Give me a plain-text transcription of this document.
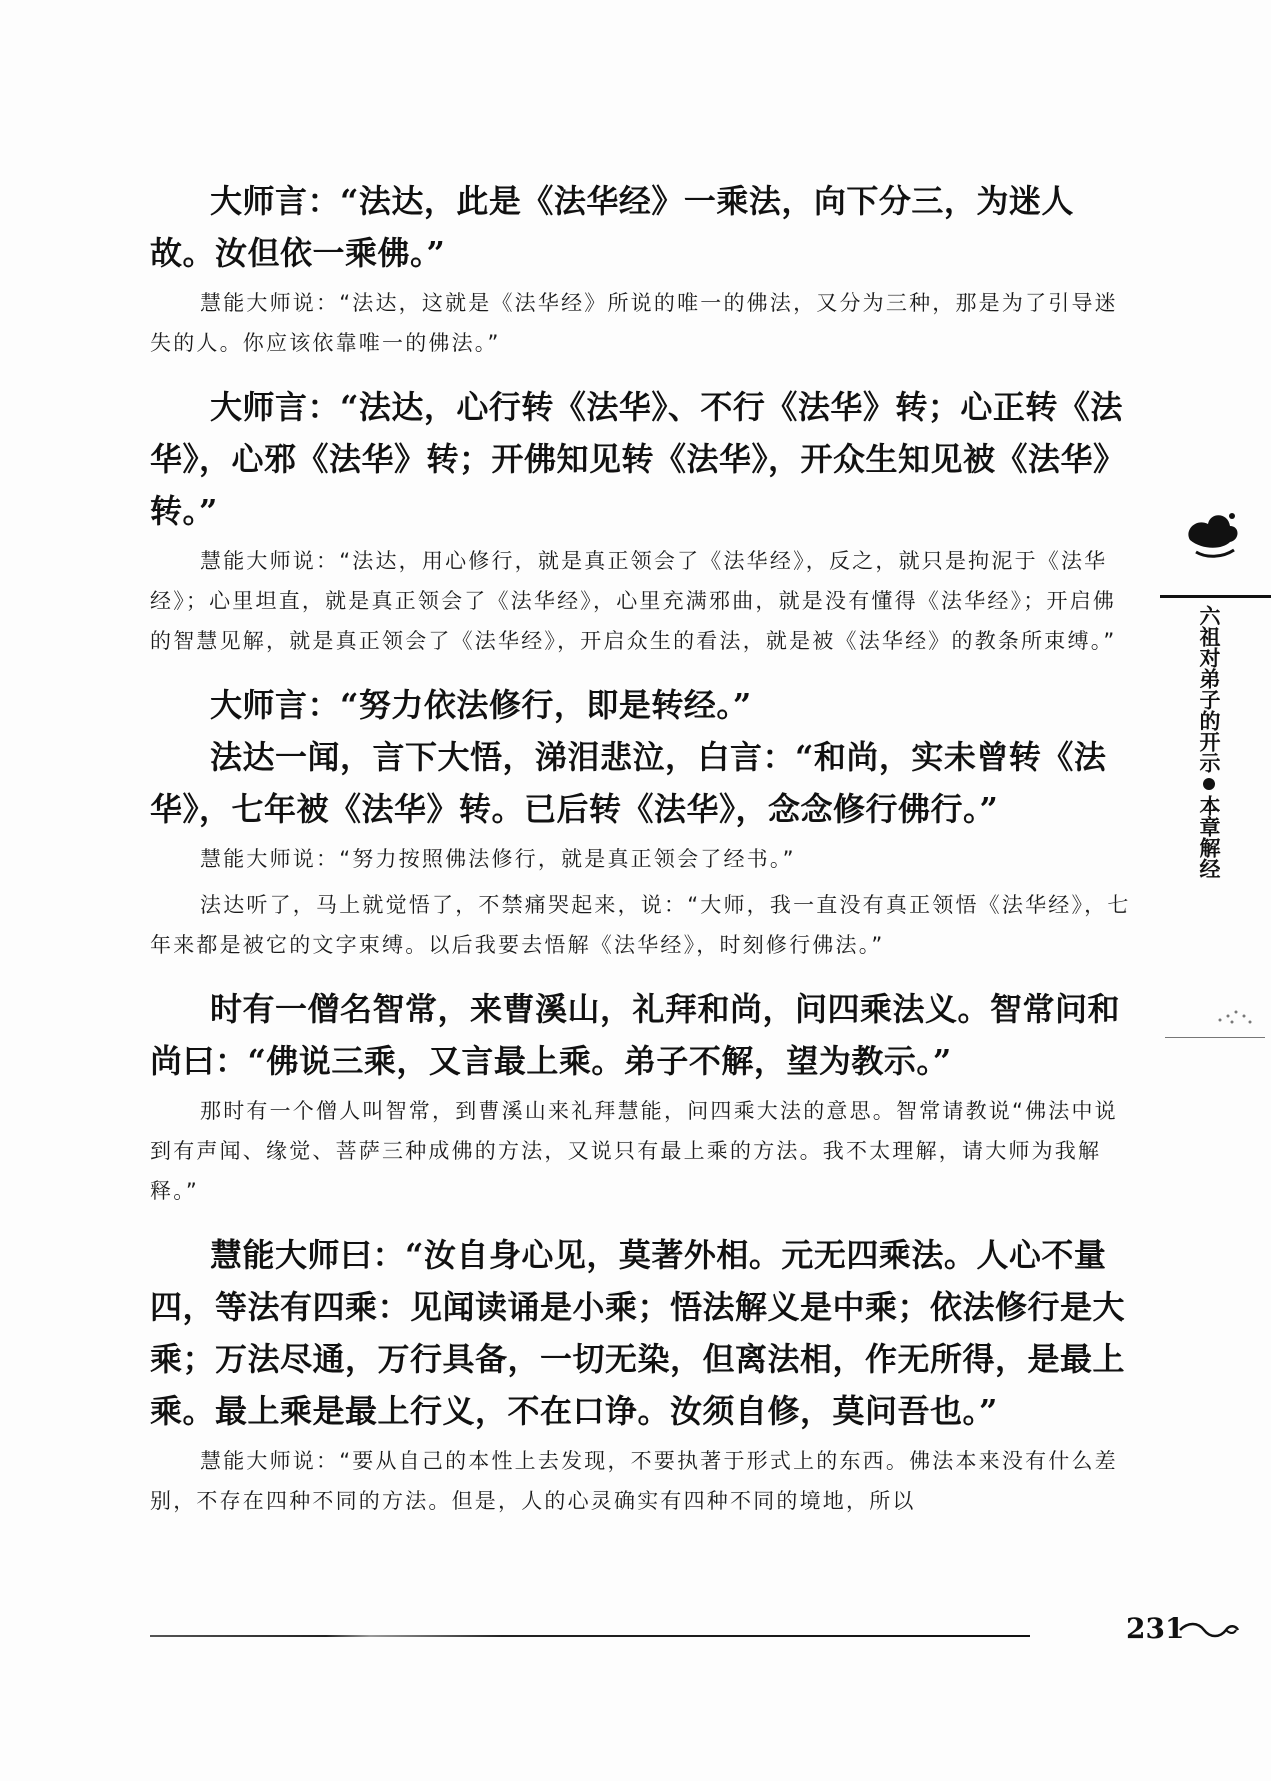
大师言：“法达，此是《法华经》一乘法，向下分三，为迷人故。汝但依一乘佛。”

慧能大师说：“法达，这就是《法华经》所说的唯一的佛法，又分为三种，那是为了引导迷失的人。你应该依靠唯一的佛法。”

大师言：“法达，心行转《法华》、不行《法华》转；心正转《法华》，心邪《法华》转；开佛知见转《法华》，开众生知见被《法华》转。”

慧能大师说：“法达，用心修行，就是真正领会了《法华经》，反之，就只是拘泥于《法华经》；心里坦直，就是真正领会了《法华经》，心里充满邪曲，就是没有懂得《法华经》；开启佛的智慧见解，就是真正领会了《法华经》，开启众生的看法，就是被《法华经》的教条所束缚。”

大师言：“努力依法修行，即是转经。”

法达一闻，言下大悟，涕泪悲泣，白言：“和尚，实未曾转《法华》，七年被《法华》转。已后转《法华》，念念修行佛行。”

慧能大师说：“努力按照佛法修行，就是真正领会了经书。”

法达听了，马上就觉悟了，不禁痛哭起来，说：“大师，我一直没有真正领悟《法华经》，七年来都是被它的文字束缚。以后我要去悟解《法华经》，时刻修行佛法。”

时有一僧名智常，来曹溪山，礼拜和尚，问四乘法义。智常问和尚曰：“佛说三乘，又言最上乘。弟子不解，望为教示。”

那时有一个僧人叫智常，到曹溪山来礼拜慧能，问四乘大法的意思。智常请教说“佛法中说到有声闻、缘觉、菩萨三种成佛的方法，又说只有最上乘的方法。我不太理解，请大师为我解释。”

慧能大师曰：“汝自身心见，莫著外相。元无四乘法。人心不量四，等法有四乘：见闻读诵是小乘；悟法解义是中乘；依法修行是大乘；万法尽通，万行具备，一切无染，但离法相，作无所得，是最上乘。最上乘是最上行义，不在口诤。汝须自修，莫问吾也。”

慧能大师说：“要从自己的本性上去发现，不要执著于形式上的东西。佛法本来没有什么差别，不存在四种不同的方法。但是，人的心灵确实有四种不同的境地，所以

六祖对弟子的开示本章解经
231
